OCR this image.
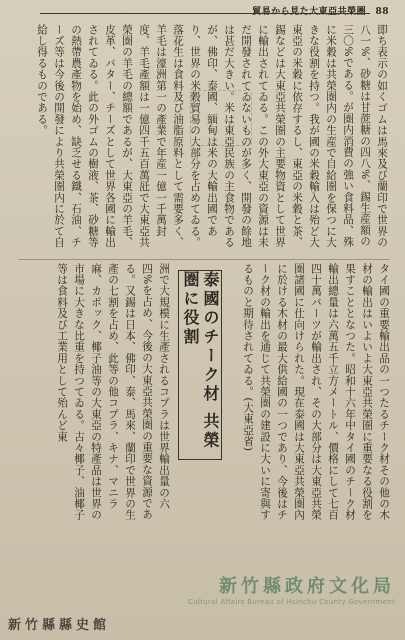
貿易から見た大東亞共榮圏 88
即ち表示の如くゴムは馬來及び蘭印で世界の八一%、砂糖は甘蔗糖の四八%、錫生産額の三〇%である。が圏内消費の強い食料品、殊に米穀は共榮圏内の生産で自給圏を保つに大きな役割を持つ。我が國の米穀輸入は殆ど大東亞の米穀に依存するし、東亞の米穀と茶、錫などは大東亞共榮圏の主要物資として世界に輸出されてゐる。この外大東亞の資源は未だ開發されてゐないものが多く、開發の餘地は甚だ大きい。米は東亞民族の主食物であるが、佛印、泰國、緬甸は米の大輸出國であり、世界の米穀貿易の大部分を占めてゐる。落花生は食料及び油脂原料として需要多く、羊毛は濠洲第一の產業で年産一億一千萬封度、羊毛產額は一億四千五百萬瓩で大東亞共榮圏の羊毛の總額であるが、大東亞の羊毛、皮革、バター、チーズとして世界各國に輸出されてゐる。此の外ゴムの樹液、茶、砂糖等の熱帶農產物を始め、缺乏せる鐵、石油、チーズ等は今後の開發により共榮圏内に於て自給し得るものである。
タイ國の重要輸出品の一つたるチーク材その他の木材の輸出はいよいよ大東亞共榮圏に重要なる役割を果すこととなつた。昭和十六年中タイ國のチーク材輸出總量は六萬五千立方メートル、價格にして七百四十萬バーツが輸出され、その大部分は大東亞共榮圏諸國に仕向けられた。現在泰國は大東亞共榮圏內に於ける木材の最大供給國の一つであり、今後はチーク材の輸出を通じて共榮圏の建設に大いに寄與するものと期待されてゐる。(大東亞省)
泰國のチーク材 共榮圏に役割
洲で大規模に生產されるコプラは世界輸出量の六四%を占め、今後の大東亞共榮圏の重要な資源である。又錫は日本、佛印、泰、馬來、蘭印で世界の生產の七割を占め、此等の他コプラ、キナ、マニラ麻、カポック、椰子油等の大東亞の特產品は世界の市場に大きな比重を持つてゐる。古々椰子、油椰子等は食料及び工業用として殆んど東
新竹縣縣史館
新竹縣政府文化局
Cultural Affairs Bureau of Hsinchu County Government
